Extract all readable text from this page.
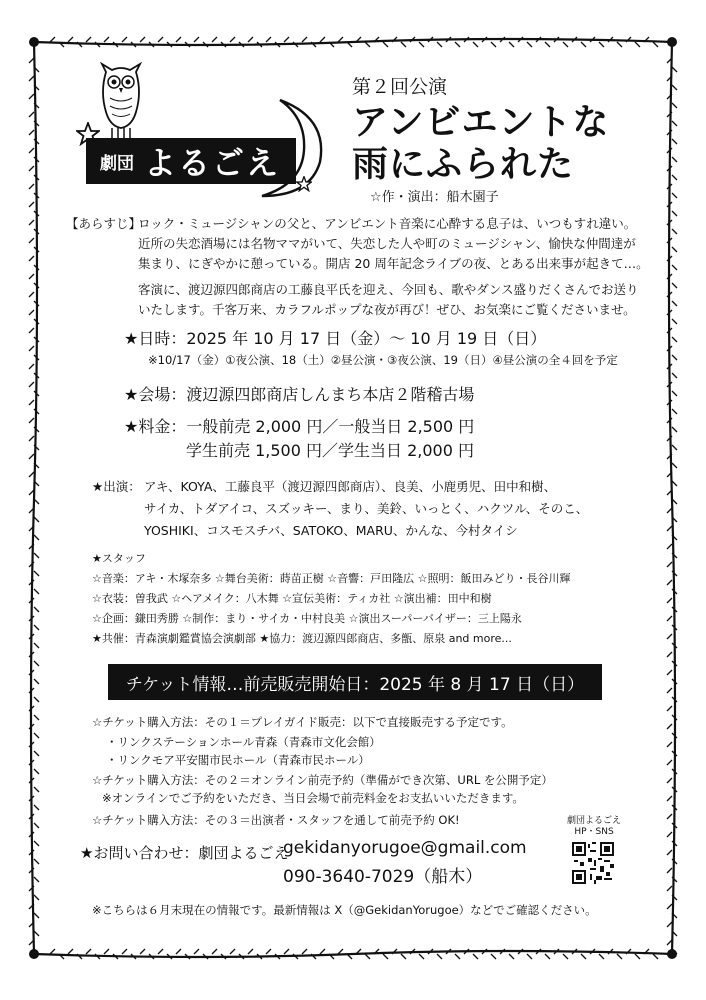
劇団 よるごえ
第２回公演
アンビエントな
雨にふられた
☆作・演出：船木園子
【あらすじ】
ロック・ミュージシャンの父と、アンビエント音楽に心酔する息子は、いつもすれ違い。
近所の失恋酒場には名物ママがいて、失恋した人や町のミュージシャン、愉快な仲間達が
集まり、にぎやかに憩っている。開店 20 周年記念ライブの夜、とある出来事が起きて…。
客演に、渡辺源四郎商店の工藤良平氏を迎え、今回も、歌やダンス盛りだくさんでお送り
いたします。千客万来、カラフルポップな夜が再び！ぜひ、お気楽にご覧くださいませ。
★日時：2025 年 10 月 17 日（金）～ 10 月 19 日（日）
※10/17（金）①夜公演、18（土）②昼公演・③夜公演、19（日）④昼公演の全４回を予定
★会場：渡辺源四郎商店しんまち本店２階稽古場
★料金：一般前売 2,000 円／一般当日 2,500 円
学生前売 1,500 円／学生当日 2,000 円
★出演： アキ、KOYA、工藤良平（渡辺源四郎商店）、良美、小鹿勇児、田中和樹、
サイカ、トダアイコ、スズッキー、まり、美鈴、いっとく、ハクツル、そのこ、
YOSHIKI、コスモスチバ、SATOKO、MARU、かんな、今村タイシ
★スタッフ
☆音楽：アキ・木塚奈多 ☆舞台美術：蒔苗正樹 ☆音響：戸田隆広 ☆照明：飯田みどり・長谷川輝
☆衣装：曽我武 ☆ヘアメイク：八木舞 ☆宣伝美術：ティカ社 ☆演出補：田中和樹
☆企画：鎌田秀勝 ☆制作：まり・サイカ・中村良美 ☆演出スーパーバイザー：三上陽永
★共催：青森演劇鑑賞協会演劇部 ★協力：渡辺源四郎商店、多甑、原泉 and more...
チケット情報…前売販売開始日：2025 年 8 月 17 日（日）
☆チケット購入方法：その１＝プレイガイド販売：以下で直接販売する予定です。
・リンクステーションホール青森（青森市文化会館）
・リンクモア平安閣市民ホール（青森市民ホール）
☆チケット購入方法：その２＝オンライン前売予約（準備ができ次第、URL を公開予定）
※オンラインでご予約をいただき、当日会場で前売料金をお支払いいただきます。
☆チケット購入方法：その３＝出演者・スタッフを通して前売予約 OK!
★お問い合わせ：劇団よるごえ
gekidanyorugoe@gmail.com
090-3640-7029（船木）
劇団よるごえ
HP・SNS
※こちらは６月末現在の情報です。最新情報は X（@GekidanYorugoe）などでご確認ください。
